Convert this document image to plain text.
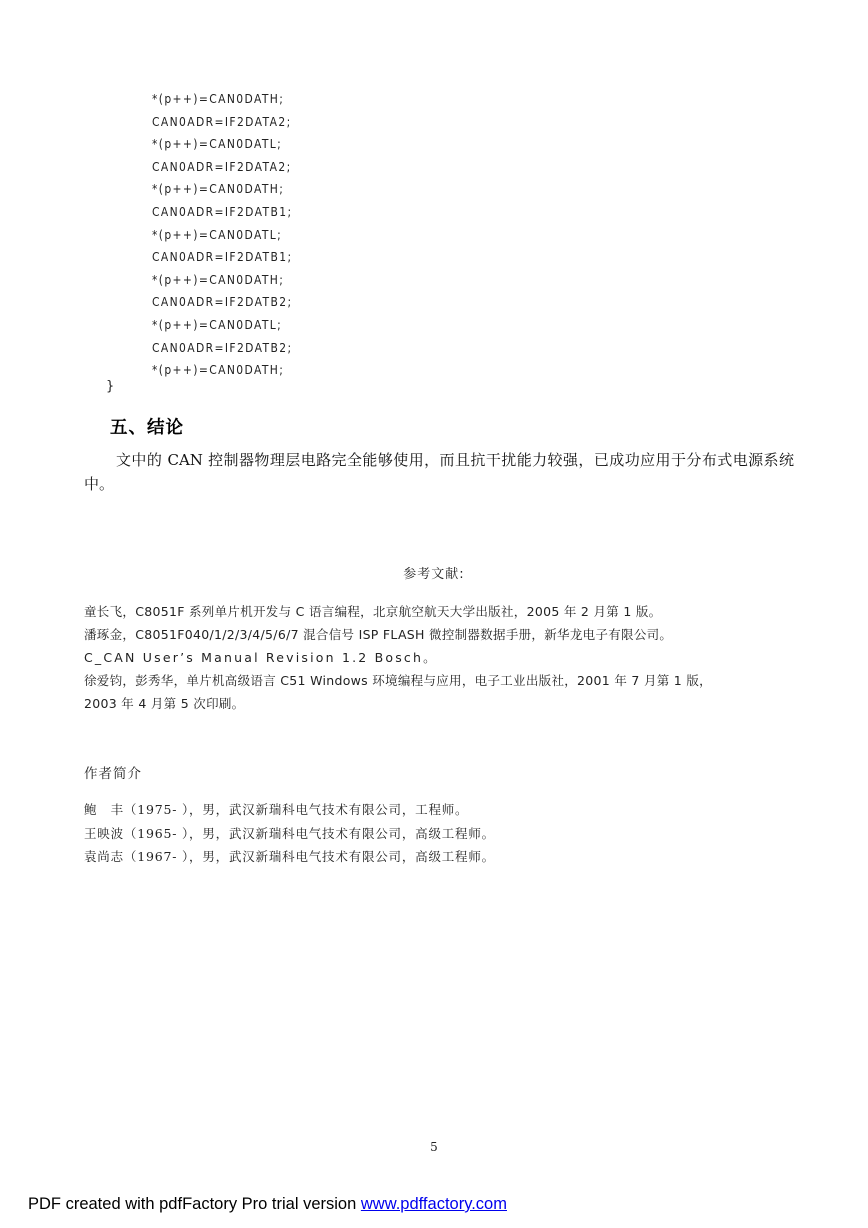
*(p++)=CAN0DATH;
CAN0ADR=IF2DATA2;
*(p++)=CAN0DATL;
CAN0ADR=IF2DATA2;
*(p++)=CAN0DATH;
CAN0ADR=IF2DATB1;
*(p++)=CAN0DATL;
CAN0ADR=IF2DATB1;
*(p++)=CAN0DATH;
CAN0ADR=IF2DATB2;
*(p++)=CAN0DATL;
CAN0ADR=IF2DATB2;
*(p++)=CAN0DATH;
}
五、结论
文中的 CAN 控制器物理层电路完全能够使用，而且抗干扰能力较强，已成功应用于分布式电源系统中。
参考文献:
童长飞，C8051F 系列单片机开发与 C 语言编程，北京航空航天大学出版社，2005 年 2 月第 1 版。
潘琢金，C8051F040/1/2/3/4/5/6/7 混合信号 ISP FLASH 微控制器数据手册，新华龙电子有限公司。
C_CAN User’s Manual Revision 1.2 Bosch。
徐爱钧，彭秀华，单片机高级语言 C51 Windows 环境编程与应用，电子工业出版社，2001 年 7 月第 1 版，
2003 年 4 月第 5 次印刷。
作者简介
鲍　丰（1975- ），男，武汉新瑞科电气技术有限公司，工程师。
王映波（1965- ），男，武汉新瑞科电气技术有限公司，高级工程师。
袁尚志（1967- ），男，武汉新瑞科电气技术有限公司，高级工程师。
5
PDF created with pdfFactory Pro trial version www.pdffactory.com
